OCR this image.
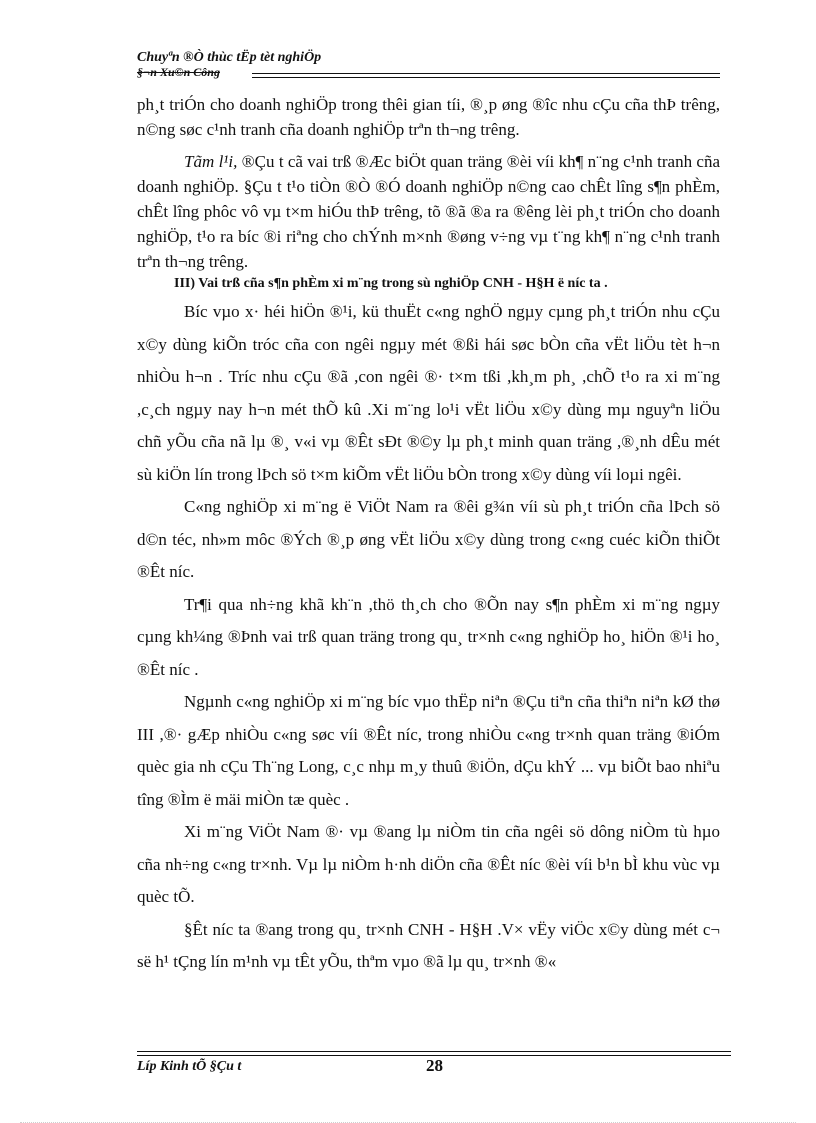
Chuyªn ®Ò thùc tËp tèt nghiÖp
§¬n Xu©n Công

ph¸t triÓn cho doanh nghiÖp trong thêi gian tíi, ®¸p øng ®îc nhu cÇu cña thÞ trêng, n©ng søc c¹nh tranh cña doanh nghiÖp trªn th¬ng trêng.

Tãm l¹i, ®Çu t cã vai trß ®Æc biÖt quan träng ®èi víi kh¶ n¨ng c¹nh tranh cña doanh nghiÖp. §Çu t t¹o tiÒn ®Ò ®Ó doanh nghiÖp n©ng cao chÊt lîng s¶n phÈm, chÊt lîng phôc vô vµ t×m hiÓu thÞ trêng, tõ ®ã ®a ra ®êng lèi ph¸t triÓn cho doanh nghiÖp, t¹o ra bíc ®i riªng cho chÝnh m×nh ®øng v÷ng vµ t¨ng kh¶ n¨ng c¹nh tranh trªn th¬ng trêng.

III) Vai trß cña s¶n phÈm xi m¨ng trong sù nghiÖp CNH - H§H ë níc ta .

Bíc vµo x· héi hiÖn ®¹i, kü thuËt c«ng nghÖ ngµy cµng ph¸t triÓn nhu cÇu x©y dùng kiÕn tróc cña con ngêi ngµy mét ®ßi hái søc bÒn cña vËt liÖu tèt h¬n nhiÒu h¬n . Tríc nhu cÇu ®ã ,con ngêi ®· t×m tßi ,kh¸m ph¸ ,chÕ t¹o ra xi m¨ng ,c¸ch ngµy nay h¬n mét thÕ kû .Xi m¨ng lo¹i vËt liÖu x©y dùng mµ nguyªn liÖu chñ yÕu cña nã lµ ®¸ v«i vµ ®Êt sÐt ®©y lµ ph¸t minh quan träng ,®¸nh dÊu mét sù kiÖn lín trong lÞch sö t×m kiÕm vËt liÖu bÒn trong x©y dùng víi loµi ngêi.

C«ng nghiÖp xi m¨ng ë ViÖt Nam ra ®êi g¾n víi sù ph¸t triÓn cña lÞch sö d©n téc, nh»m môc ®Ých ®¸p øng vËt liÖu x©y dùng trong c«ng cuéc kiÕn thiÕt ®Êt níc.

Tr¶i qua nh÷ng khã kh¨n ,thö th¸ch cho ®Õn nay s¶n phÈm xi m¨ng ngµy cµng kh¼ng ®Þnh vai trß quan träng trong qu¸ tr×nh c«ng nghiÖp ho¸ hiÖn ®¹i ho¸ ®Êt níc .

Ngµnh c«ng nghiÖp xi m¨ng bíc vµo thËp niªn ®Çu tiªn cña thiªn niªn kØ thø III ,®· gÆp nhiÒu c«ng søc víi ®Êt níc, trong nhiÒu c«ng tr×nh quan träng ®iÓm quèc gia nh cÇu Th¨ng Long, c¸c nhµ m¸y thuû ®iÖn, dÇu khÝ ... vµ biÕt bao nhiªu tîng ®Ìm ë mäi miÒn tæ quèc .

Xi m¨ng ViÖt Nam ®· vµ ®ang lµ niÒm tin cña ngêi sö dông niÒm tù hµo cña nh÷ng c«ng tr×nh. Vµ lµ niÒm h·nh diÖn cña ®Êt níc ®èi víi b¹n bÌ khu vùc vµ quèc tÕ.

§Êt níc ta ®ang trong qu¸ tr×nh CNH - H§H .V× vËy viÖc x©y dùng mét c¬ së h¹ tÇng lín m¹nh vµ tÊt yÕu, thªm vµo ®ã lµ qu¸ tr×nh ®«

Líp Kinh tÕ §Çu t	28
